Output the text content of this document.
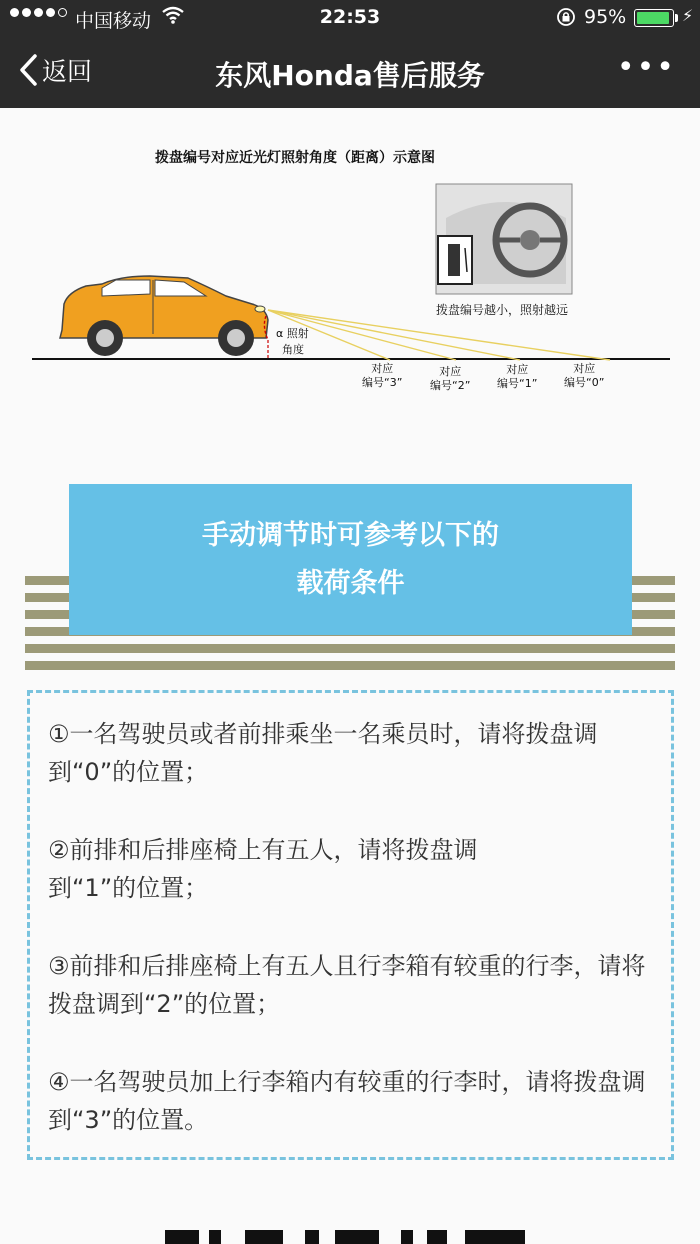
中国移动	22:53	95%	⚡
返回	东风Honda售后服务	•••
拨盘编号对应近光灯照射角度（距离）示意图
α 照射
角度
拨盘编号越小，照射越远
对应
编号“3”
对应
编号“2”
对应
编号“1”
对应
编号“0”
手动调节时可参考以下的
载荷条件

①一名驾驶员或者前排乘坐一名乘员时，请将拨盘调到“0”的位置；

②前排和后排座椅上有五人，请将拨盘调到“1”的位置；

③前排和后排座椅上有五人且行李箱有较重的行李，请将拨盘调到“2”的位置；

④一名驾驶员加上行李箱内有较重的行李时，请将拨盘调到“3”的位置。
